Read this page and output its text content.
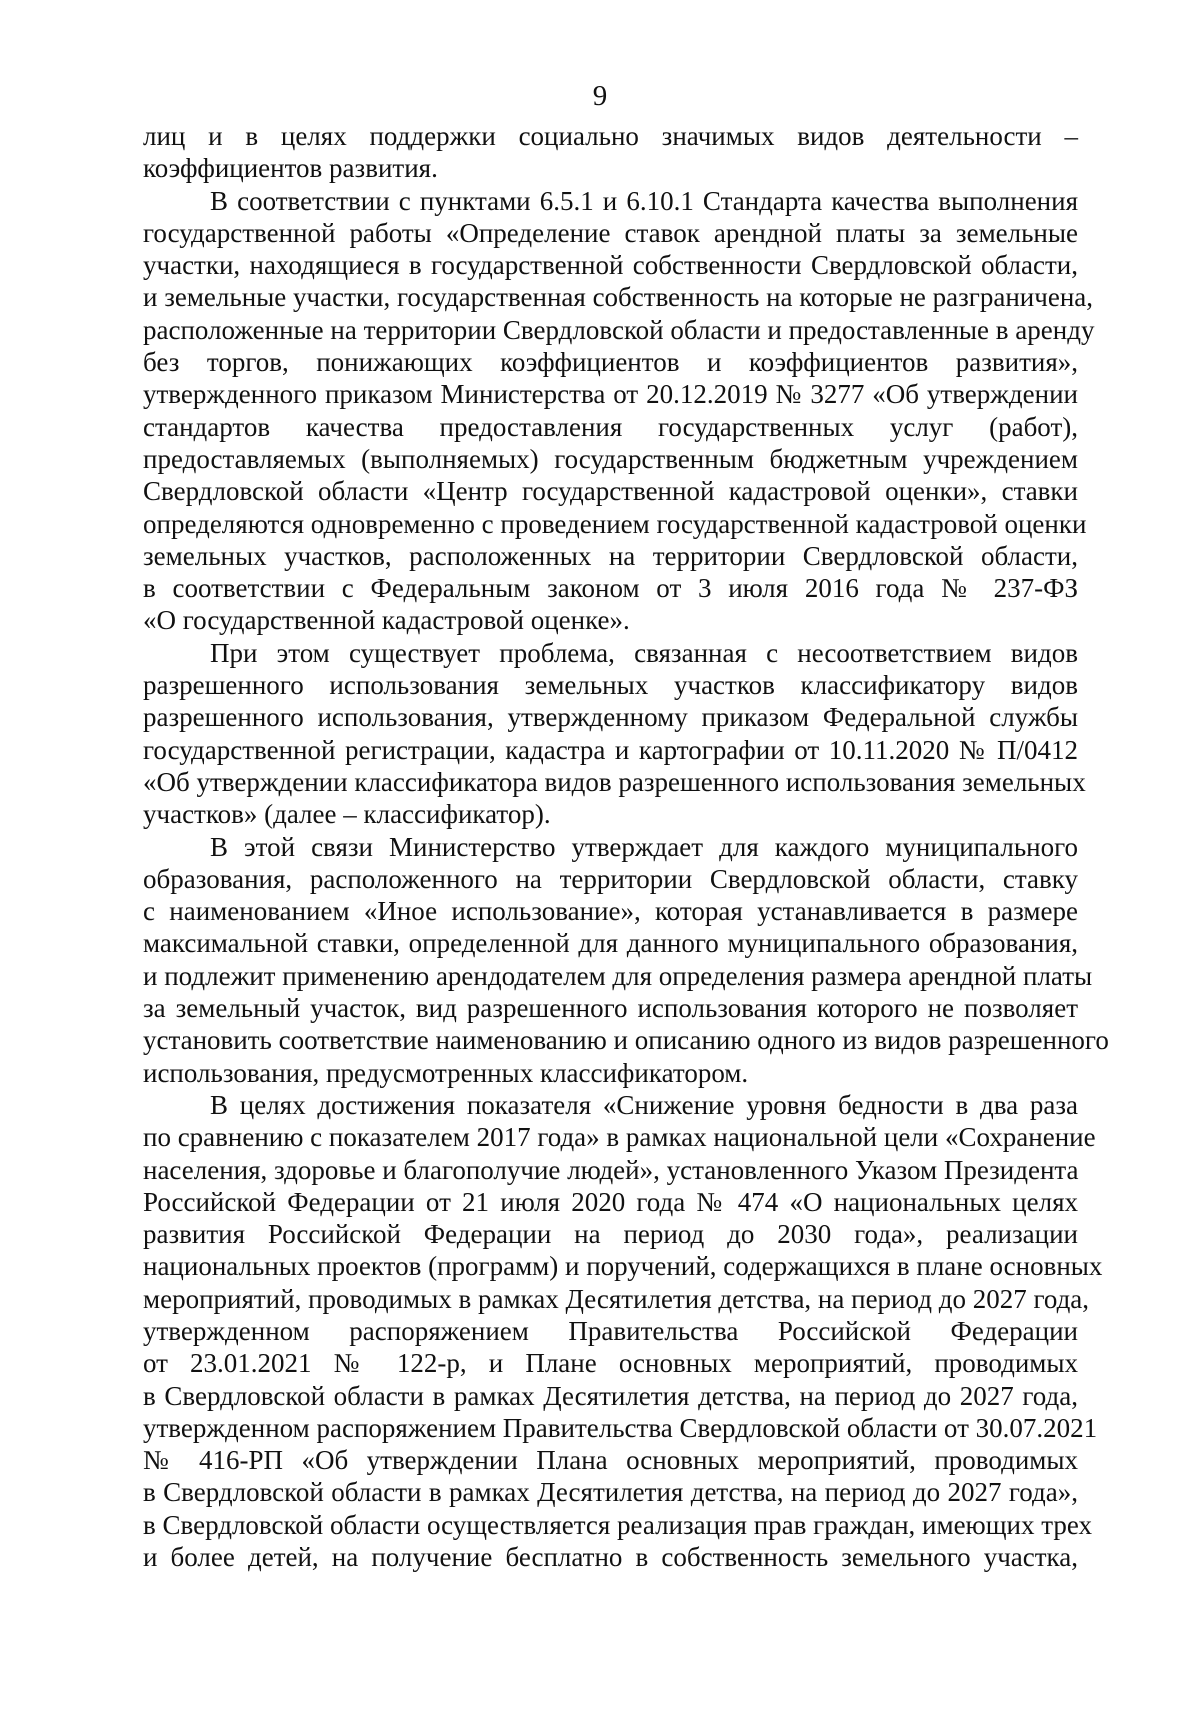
9
лиц и в целях поддержки социально значимых видов деятельности –
коэффициентов развития.
В соответствии с пунктами 6.5.1 и 6.10.1 Стандарта качества выполнения
государственной работы «Определение ставок арендной платы за земельные
участки, находящиеся в государственной собственности Свердловской области,
и земельные участки, государственная собственность на которые не разграничена,
расположенные на территории Свердловской области и предоставленные в аренду
без торгов, понижающих коэффициентов и коэффициентов развития»,
утвержденного приказом Министерства от 20.12.2019 № 3277 «Об утверждении
стандартов качества предоставления государственных услуг (работ),
предоставляемых (выполняемых) государственным бюджетным учреждением
Свердловской области «Центр государственной кадастровой оценки», ставки
определяются одновременно с проведением государственной кадастровой оценки
земельных участков, расположенных на территории Свердловской области,
в соответствии с Федеральным законом от 3 июля 2016 года № 237-ФЗ
«О государственной кадастровой оценке».
При этом существует проблема, связанная с несоответствием видов
разрешенного использования земельных участков классификатору видов
разрешенного использования, утвержденному приказом Федеральной службы
государственной регистрации, кадастра и картографии от 10.11.2020 № П/0412
«Об утверждении классификатора видов разрешенного использования земельных
участков» (далее – классификатор).
В этой связи Министерство утверждает для каждого муниципального
образования, расположенного на территории Свердловской области, ставку
с наименованием «Иное использование», которая устанавливается в размере
максимальной ставки, определенной для данного муниципального образования,
и подлежит применению арендодателем для определения размера арендной платы
за земельный участок, вид разрешенного использования которого не позволяет
установить соответствие наименованию и описанию одного из видов разрешенного
использования, предусмотренных классификатором.
В целях достижения показателя «Снижение уровня бедности в два раза
по сравнению с показателем 2017 года» в рамках национальной цели «Сохранение
населения, здоровье и благополучие людей», установленного Указом Президента
Российской Федерации от 21 июля 2020 года № 474 «О национальных целях
развития Российской Федерации на период до 2030 года», реализации
национальных проектов (программ) и поручений, содержащихся в плане основных
мероприятий, проводимых в рамках Десятилетия детства, на период до 2027 года,
утвержденном распоряжением Правительства Российской Федерации
от 23.01.2021 № 122-р, и Плане основных мероприятий, проводимых
в Свердловской области в рамках Десятилетия детства, на период до 2027 года,
утвержденном распоряжением Правительства Свердловской области от 30.07.2021
№ 416-РП «Об утверждении Плана основных мероприятий, проводимых
в Свердловской области в рамках Десятилетия детства, на период до 2027 года»,
в Свердловской области осуществляется реализация прав граждан, имеющих трех
и более детей, на получение бесплатно в собственность земельного участка,
